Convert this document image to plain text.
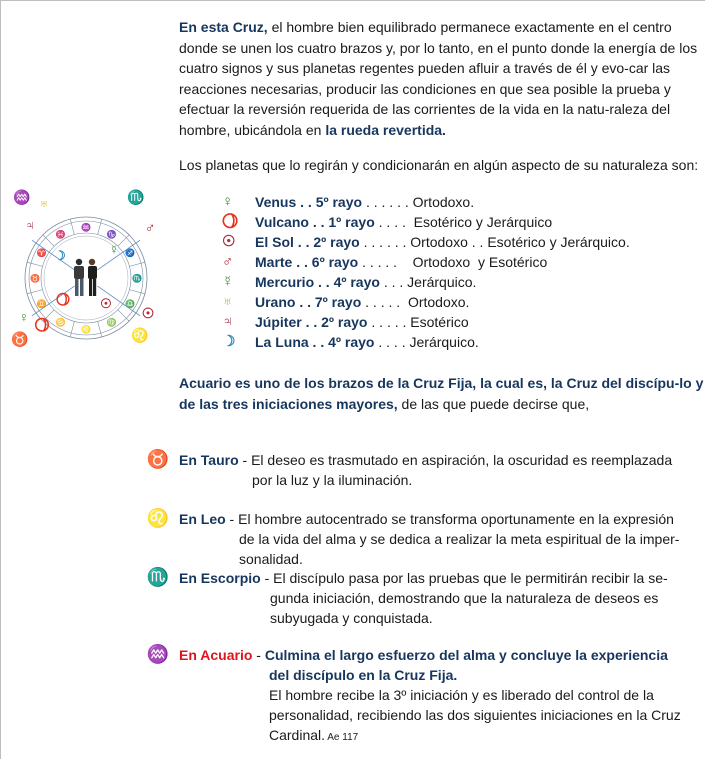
En esta Cruz, el hombre bien equilibrado permanece exactamente en el centro donde se unen los cuatro brazos y, por lo tanto, en el punto donde la energía de los cuatro signos y sus planetas regentes pueden afluir a través de él y evo-car las reacciones necesarias, producir las condiciones en que sea posible la prueba y efectuar la reversión requerida de las corrientes de la vida en la natu-raleza del hombre, ubicándola en la rueda revertida.
Los planetas que lo regirán y condicionarán en algún aspecto de su naturaleza son:
♀	Venus . . 5º rayo . . . . . . Ortodoxo.
⯖	Vulcano . . 1º rayo . . . .  Esotérico y Jerárquico
☉	El Sol . . 2º rayo . . . . . . Ortodoxo . . Esotérico y Jerárquico.
♂	Marte . . 6º rayo . . . . .    Ortodoxo  y Esotérico
☿	Mercurio . . 4º rayo . . . Jerárquico.
♅	Urano . . 7º rayo . . . . .  Ortodoxo.
♃	Júpiter . . 2º rayo . . . . . Esotérico
☽	La Luna . . 4º rayo . . . . Jerárquico.
Acuario es uno de los brazos de la Cruz Fija, la cual es, la Cruz del discípu-lo y de las tres iniciaciones mayores, de las que puede decirse que,
♉ En Tauro - El deseo es trasmutado en aspiración, la oscuridad es reemplazada
por la luz y la iluminación.
♌ En Leo - El hombre autocentrado se transforma oportunamente en la expresión
de la vida del alma y se dedica a realizar la meta espiritual de la imper-sonalidad.
♏ En Escorpio - El discípulo pasa por las pruebas que le permitirán recibir la se-
gunda iniciación, demostrando que la naturaleza de deseos es subyugada y conquistada.
♒ En Acuario - Culmina el largo esfuerzo del alma y concluye la experiencia
del discípulo en la Cruz Fija.
El hombre recibe la 3º iniciación y es liberado del control de la personalidad, recibiendo las dos siguientes iniciaciones en la Cruz Cardinal. Ae 117
♑
♐
♏
♎
♍
♌
♋
♊
♉
♈
♓
♒
♒ ♅	♏
♃	♂
♀ ⯖
☉
♌
♉
☽	☿
⯖ ☉
